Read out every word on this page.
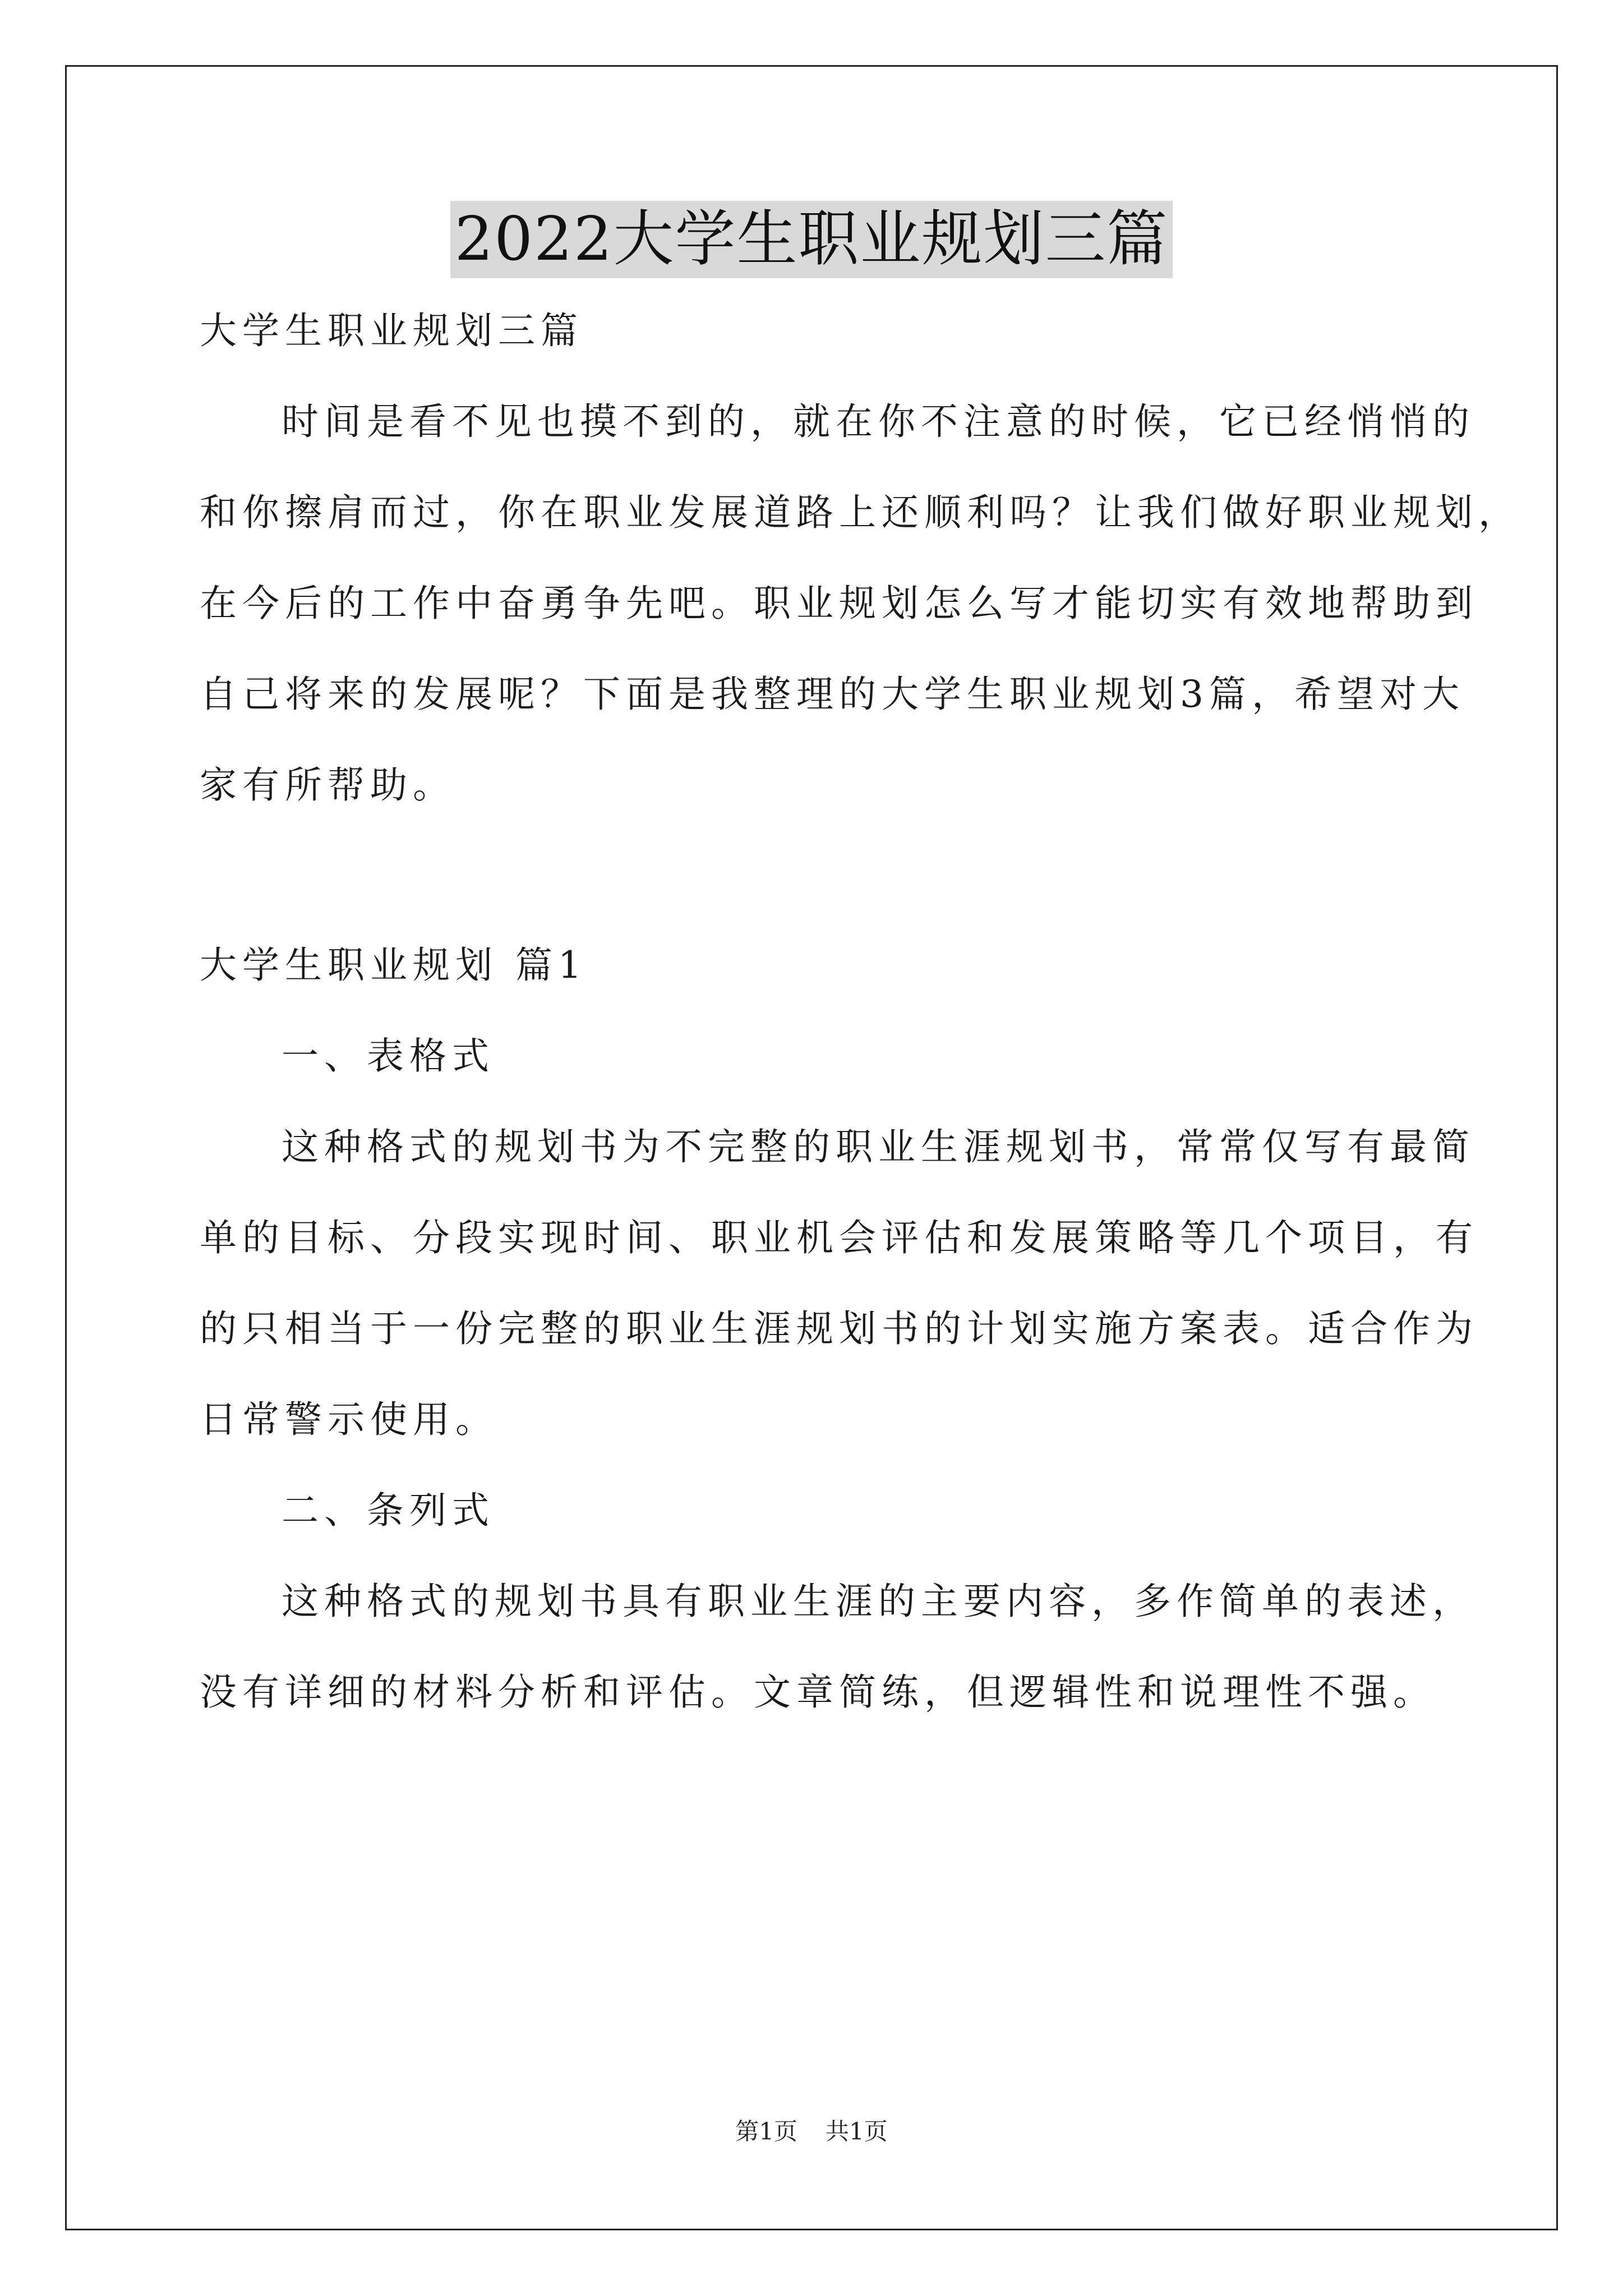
2022大学生职业规划三篇
大学生职业规划三篇
时间是看不见也摸不到的，就在你不注意的时候，它已经悄悄的
和你擦肩而过，你在职业发展道路上还顺利吗？让我们做好职业规划，
在今后的工作中奋勇争先吧。职业规划怎么写才能切实有效地帮助到
自己将来的发展呢？下面是我整理的大学生职业规划3篇，希望对大
家有所帮助。
大学生职业规划 篇1
一、表格式
这种格式的规划书为不完整的职业生涯规划书，常常仅写有最简
单的目标、分段实现时间、职业机会评估和发展策略等几个项目，有
的只相当于一份完整的职业生涯规划书的计划实施方案表。适合作为
日常警示使用。
二、条列式
这种格式的规划书具有职业生涯的主要内容，多作简单的表述，
没有详细的材料分析和评估。文章简练，但逻辑性和说理性不强。
第1页 共1页
